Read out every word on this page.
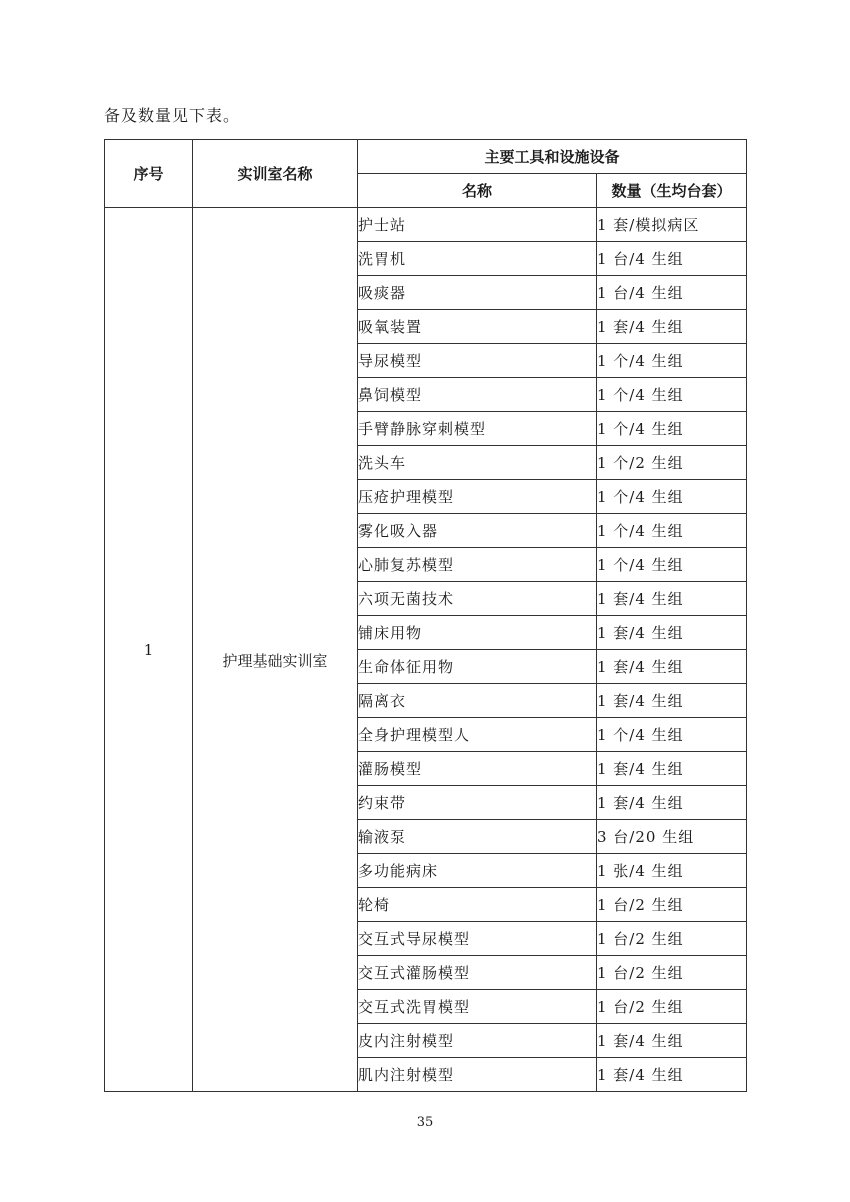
备及数量见下表。
序号	实训室名称	主要工具和设施设备	
		名称	数量（生均台套）
1	护理基础实训室	护士站	1 套/模拟病区
		洗胃机	1 台/4 生组
		吸痰器	1 台/4 生组
		吸氧装置	1 套/4 生组
		导尿模型	1 个/4 生组
		鼻饲模型	1 个/4 生组
		手臂静脉穿刺模型	1 个/4 生组
		洗头车	1 个/2 生组
		压疮护理模型	1 个/4 生组
		雾化吸入器	1 个/4 生组
		心肺复苏模型	1 个/4 生组
		六项无菌技术	1 套/4 生组
		铺床用物	1 套/4 生组
		生命体征用物	1 套/4 生组
		隔离衣	1 套/4 生组
		全身护理模型人	1 个/4 生组
		灌肠模型	1 套/4 生组
		约束带	1 套/4 生组
		输液泵	3 台/20 生组
		多功能病床	1 张/4 生组
		轮椅	1 台/2 生组
		交互式导尿模型	1 台/2 生组
		交互式灌肠模型	1 台/2 生组
		交互式洗胃模型	1 台/2 生组
		皮内注射模型	1 套/4 生组
		肌内注射模型	1 套/4 生组
35
